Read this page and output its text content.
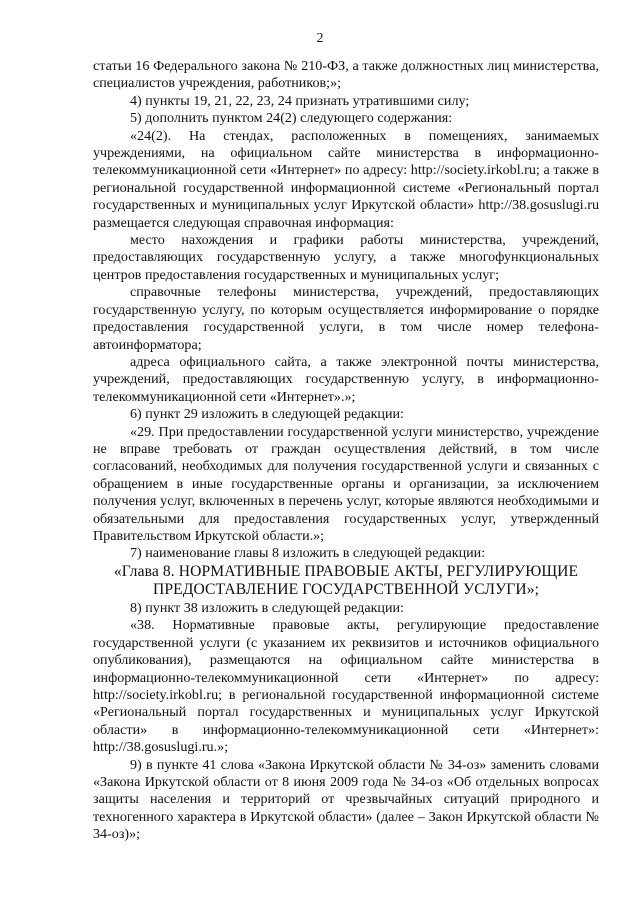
2

статьи 16 Федерального закона № 210-ФЗ, а также должностных лиц министерства, специалистов учреждения, работников;»;

4) пункты 19, 21, 22, 23, 24 признать утратившими силу;

5) дополнить пунктом 24(2) следующего содержания:

«24(2). На стендах, расположенных в помещениях, занимаемых учреждениями, на официальном сайте министерства в информационно-телекоммуникационной сети «Интернет» по адресу: http://society.irkobl.ru; а также в региональной государственной информационной системе «Региональный портал государственных и муниципальных услуг Иркутской области» http://38.gosuslugi.ru размещается следующая справочная информация:

место нахождения и графики работы министерства, учреждений, предоставляющих государственную услугу, а также многофункциональных центров предоставления государственных и муниципальных услуг;

справочные телефоны министерства, учреждений, предоставляющих государственную услугу, по которым осуществляется информирование о порядке предоставления государственной услуги, в том числе номер телефона-автоинформатора;

адреса официального сайта, а также электронной почты министерства, учреждений, предоставляющих государственную услугу, в информационно-телекоммуникационной сети «Интернет».»;

6) пункт 29 изложить в следующей редакции:

«29. При предоставлении государственной услуги министерство, учреждение не вправе требовать от граждан осуществления действий, в том числе согласований, необходимых для получения государственной услуги и связанных с обращением в иные государственные органы и организации, за исключением получения услуг, включенных в перечень услуг, которые являются необходимыми и обязательными для предоставления государственных услуг, утвержденный Правительством Иркутской области.»;

7) наименование главы 8 изложить в следующей редакции:

«Глава 8. НОРМАТИВНЫЕ ПРАВОВЫЕ АКТЫ, РЕГУЛИРУЮЩИЕ ПРЕДОСТАВЛЕНИЕ ГОСУДАРСТВЕННОЙ УСЛУГИ»;

8) пункт 38 изложить в следующей редакции:

«38. Нормативные правовые акты, регулирующие предоставление государственной услуги (с указанием их реквизитов и источников официального опубликования), размещаются на официальном сайте министерства в информационно-телекоммуникационной сети «Интернет» по адресу: http://society.irkobl.ru; в региональной государственной информационной системе «Региональный портал государственных и муниципальных услуг Иркутской области» в информационно-телекоммуникационной сети «Интернет»: http://38.gosuslugi.ru.»;

9) в пункте 41 слова «Закона Иркутской области № 34-оз» заменить словами «Закона Иркутской области от 8 июня 2009 года № 34-оз «Об отдельных вопросах защиты населения и территорий от чрезвычайных ситуаций природного и техногенного характера в Иркутской области» (далее – Закон Иркутской области № 34-оз)»;
